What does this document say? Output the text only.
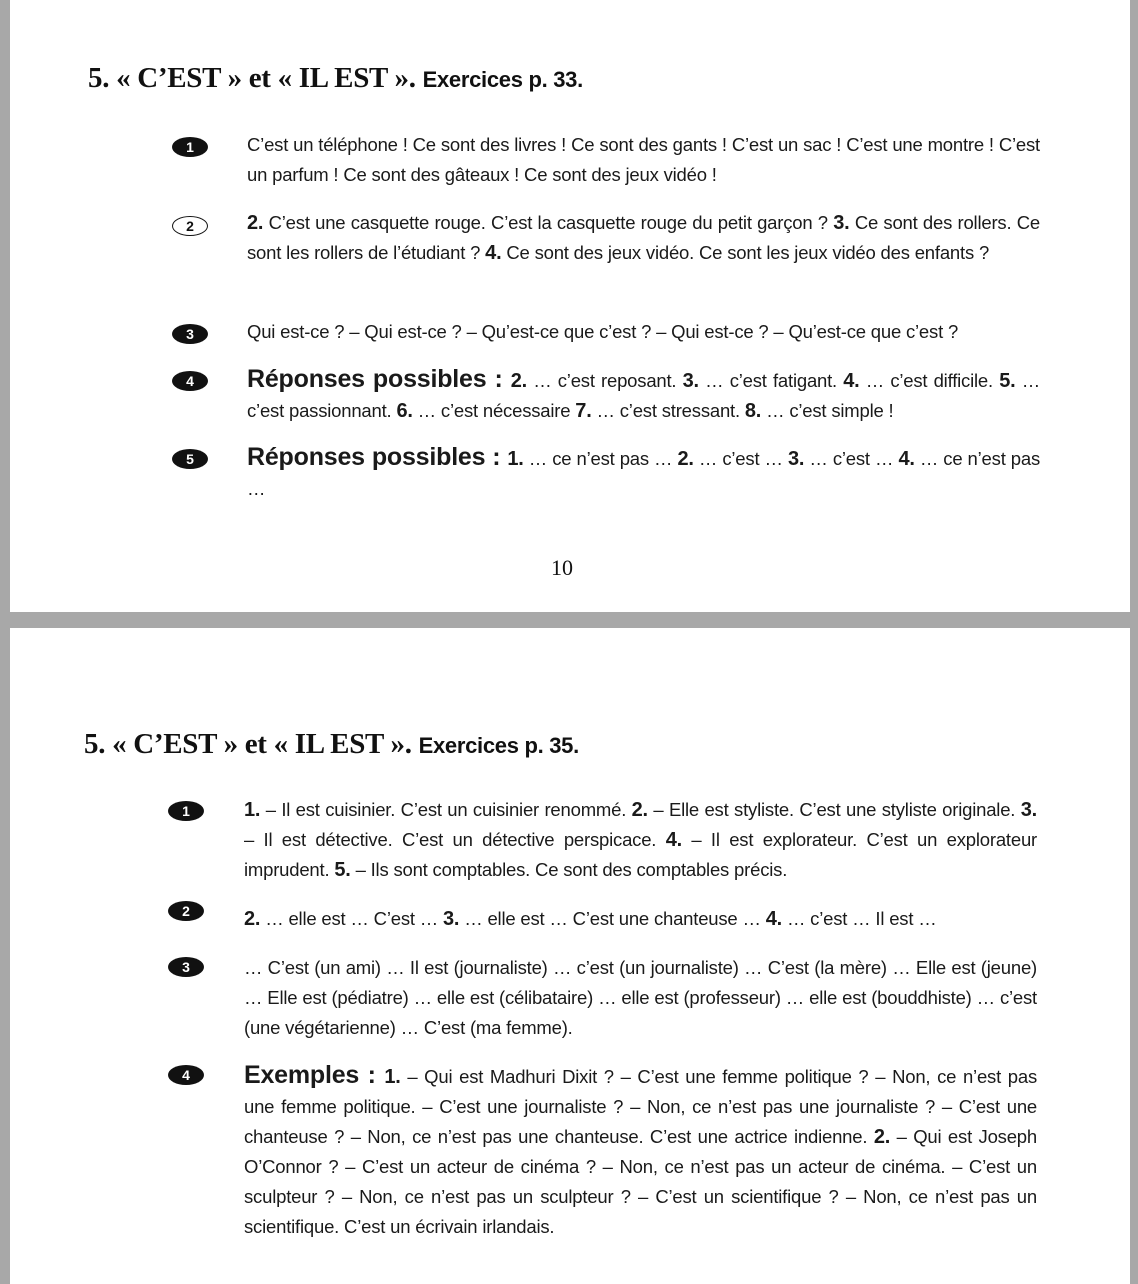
5. « C’EST » et « IL EST ». Exercices p. 33.
1	C’est un téléphone ! Ce sont des livres ! Ce sont des gants ! C’est un sac ! C’est une montre ! C’est un parfum ! Ce sont des gâteaux ! Ce sont des jeux vidéo !
2	2. C’est une casquette rouge. C’est la casquette rouge du petit garçon ? 3. Ce sont des rollers. Ce sont les rollers de l’étudiant ? 4. Ce sont des jeux vidéo. Ce sont les jeux vidéo des enfants ?
3	Qui est-ce ? – Qui est-ce ? – Qu’est-ce que c’est ? – Qui est-ce ? – Qu’est-ce que c’est ?
4	Réponses possibles : 2. … c’est reposant. 3. … c’est fatigant. 4. … c’est difficile. 5. … c’est passionnant. 6. … c’est nécessaire 7. … c’est stressant. 8. … c’est simple !
5	Réponses possibles : 1. … ce n’est pas … 2. … c’est … 3. … c’est … 4. … ce n’est pas …
10
5. « C’EST » et « IL EST ». Exercices p. 35.
1	1. – Il est cuisinier. C’est un cuisinier renommé. 2. – Elle est styliste. C’est une styliste originale. 3. – Il est détective. C’est un détective perspicace. 4. – Il est explorateur. C’est un explorateur imprudent. 5. – Ils sont comptables. Ce sont des comptables précis.
2	2. … elle est … C’est … 3. … elle est … C’est une chanteuse … 4. … c’est … Il est …
3	… C’est (un ami) … Il est (journaliste) … c’est (un journaliste) … C’est (la mère) … Elle est (jeune) … Elle est (pédiatre) … elle est (célibataire) … elle est (professeur) … elle est (bouddhiste) … c’est (une végétarienne) … C’est (ma femme).
4	Exemples : 1. – Qui est Madhuri Dixit ? – C’est une femme politique ? – Non, ce n’est pas une femme politique. – C’est une journaliste ? – Non, ce n’est pas une journaliste ? – C’est une chanteuse ? – Non, ce n’est pas une chanteuse. C’est une actrice indienne. 2. – Qui est Joseph O’Connor ? – C’est un acteur de cinéma ? – Non, ce n’est pas un acteur de cinéma. – C’est un sculpteur ? – Non, ce n’est pas un sculpteur ? – C’est un scientifique ? – Non, ce n’est pas un scientifique. C’est un écrivain irlandais.
